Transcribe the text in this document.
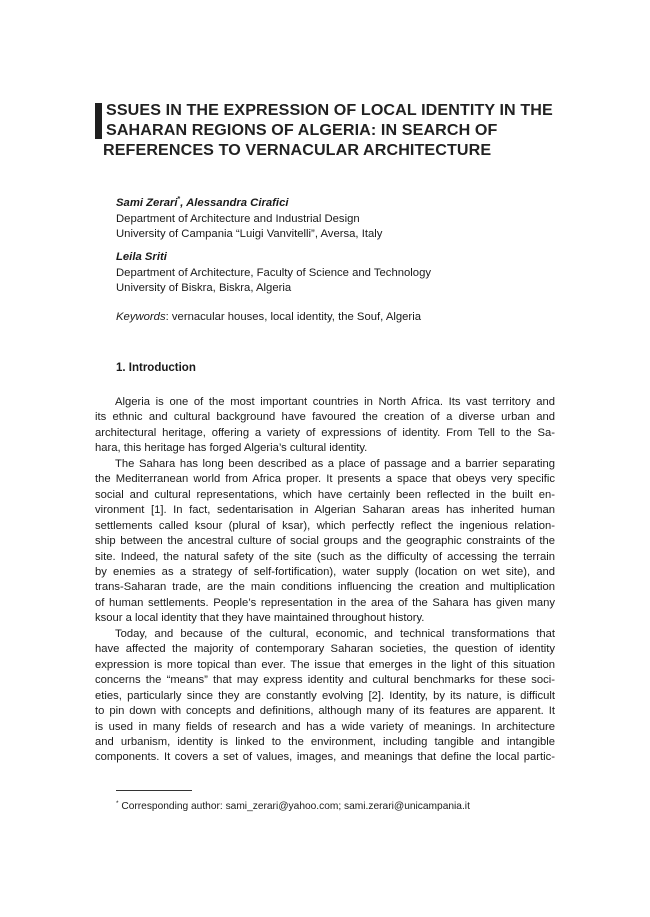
SSUES IN THE EXPRESSION OF LOCAL IDENTITY IN THE
SAHARAN REGIONS OF ALGERIA: IN SEARCH OF
REFERENCES TO VERNACULAR ARCHITECTURE
Sami Zerari*, Alessandra Cirafici
Department of Architecture and Industrial Design
University of Campania “Luigi Vanvitelli”, Aversa, Italy
Leila Sriti
Department of Architecture, Faculty of Science and Technology
University of Biskra, Biskra, Algeria
Keywords: vernacular houses, local identity, the Souf, Algeria
1. Introduction
Algeria is one of the most important countries in North Africa. Its vast territory and
its ethnic and cultural background have favoured the creation of a diverse urban and
architectural heritage, offering a variety of expressions of identity. From Tell to the Sa-
hara, this heritage has forged Algeria’s cultural identity.
The Sahara has long been described as a place of passage and a barrier separating
the Mediterranean world from Africa proper. It presents a space that obeys very specific
social and cultural representations, which have certainly been reflected in the built en-
vironment [1]. In fact, sedentarisation in Algerian Saharan areas has inherited human
settlements called ksour (plural of ksar), which perfectly reflect the ingenious relation-
ship between the ancestral culture of social groups and the geographic constraints of the
site. Indeed, the natural safety of the site (such as the difficulty of accessing the terrain
by enemies as a strategy of self-fortification), water supply (location on wet site), and
trans-Saharan trade, are the main conditions influencing the creation and multiplication
of human settlements. People’s representation in the area of the Sahara has given many
ksour a local identity that they have maintained throughout history.
Today, and because of the cultural, economic, and technical transformations that
have affected the majority of contemporary Saharan societies, the question of identity
expression is more topical than ever. The issue that emerges in the light of this situation
concerns the “means” that may express identity and cultural benchmarks for these soci-
eties, particularly since they are constantly evolving [2]. Identity, by its nature, is difficult
to pin down with concepts and definitions, although many of its features are apparent. It
is used in many fields of research and has a wide variety of meanings. In architecture
and urbanism, identity is linked to the environment, including tangible and intangible
components. It covers a set of values, images, and meanings that define the local partic-
* Corresponding author: sami_zerari@yahoo.com; sami.zerari@unicampania.it
